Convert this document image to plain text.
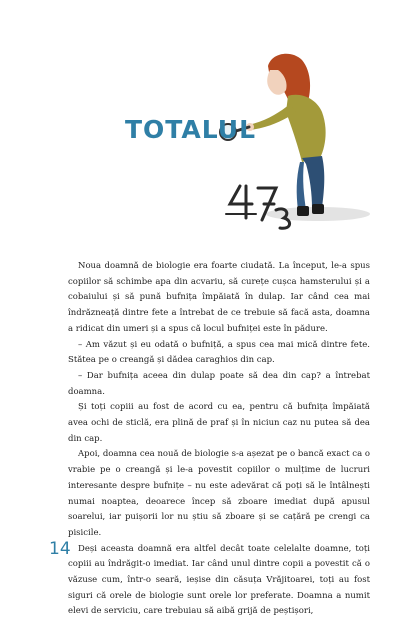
TOTALUL

Noua doamnă de biologie era foarte ciudată. La început, le-a spus copiilor să schimbe apa din acvariu, să curețe cușca hamsterului și a cobaiului și să pună bufnița împăiată în dulap. Iar când cea mai îndrăzneață dintre fete a întrebat de ce trebuie să facă asta, doamna a ridicat din umeri și a spus că locul bufniței este în pădure.

– Am văzut și eu odată o bufniță, a spus cea mai mică dintre fete. Stătea pe o creangă și dădea caraghios din cap.

– Dar bufnița aceea din dulap poate să dea din cap? a întrebat doamna.

Și toți copiii au fost de acord cu ea, pentru că bufnița împăiată avea ochi de sticlă, era plină de praf și în niciun caz nu putea să dea din cap.

Apoi, doamna cea nouă de biologie s-a așezat pe o bancă exact ca o vrabie pe o creangă și le-a povestit copiilor o mulțime de lucruri interesante despre bufnițe – nu este adevărat că poți să le întâlnești numai noaptea, deoarece încep să zboare imediat după apusul soarelui, iar puișorii lor nu știu să zboare și se cațără pe crengi ca pisicile.

Deși aceasta doamnă era altfel decât toate celelalte doamne, toți copiii au îndrăgit-o imediat. Iar când unul dintre copii a povestit că o văzuse cum, într-o seară, ieșise din căsuța Vrăjitoarei, toți au fost siguri că orele de biologie sunt orele lor preferate. Doamna a numit elevi de serviciu, care trebuiau să aibă grijă de peștișori,

14
